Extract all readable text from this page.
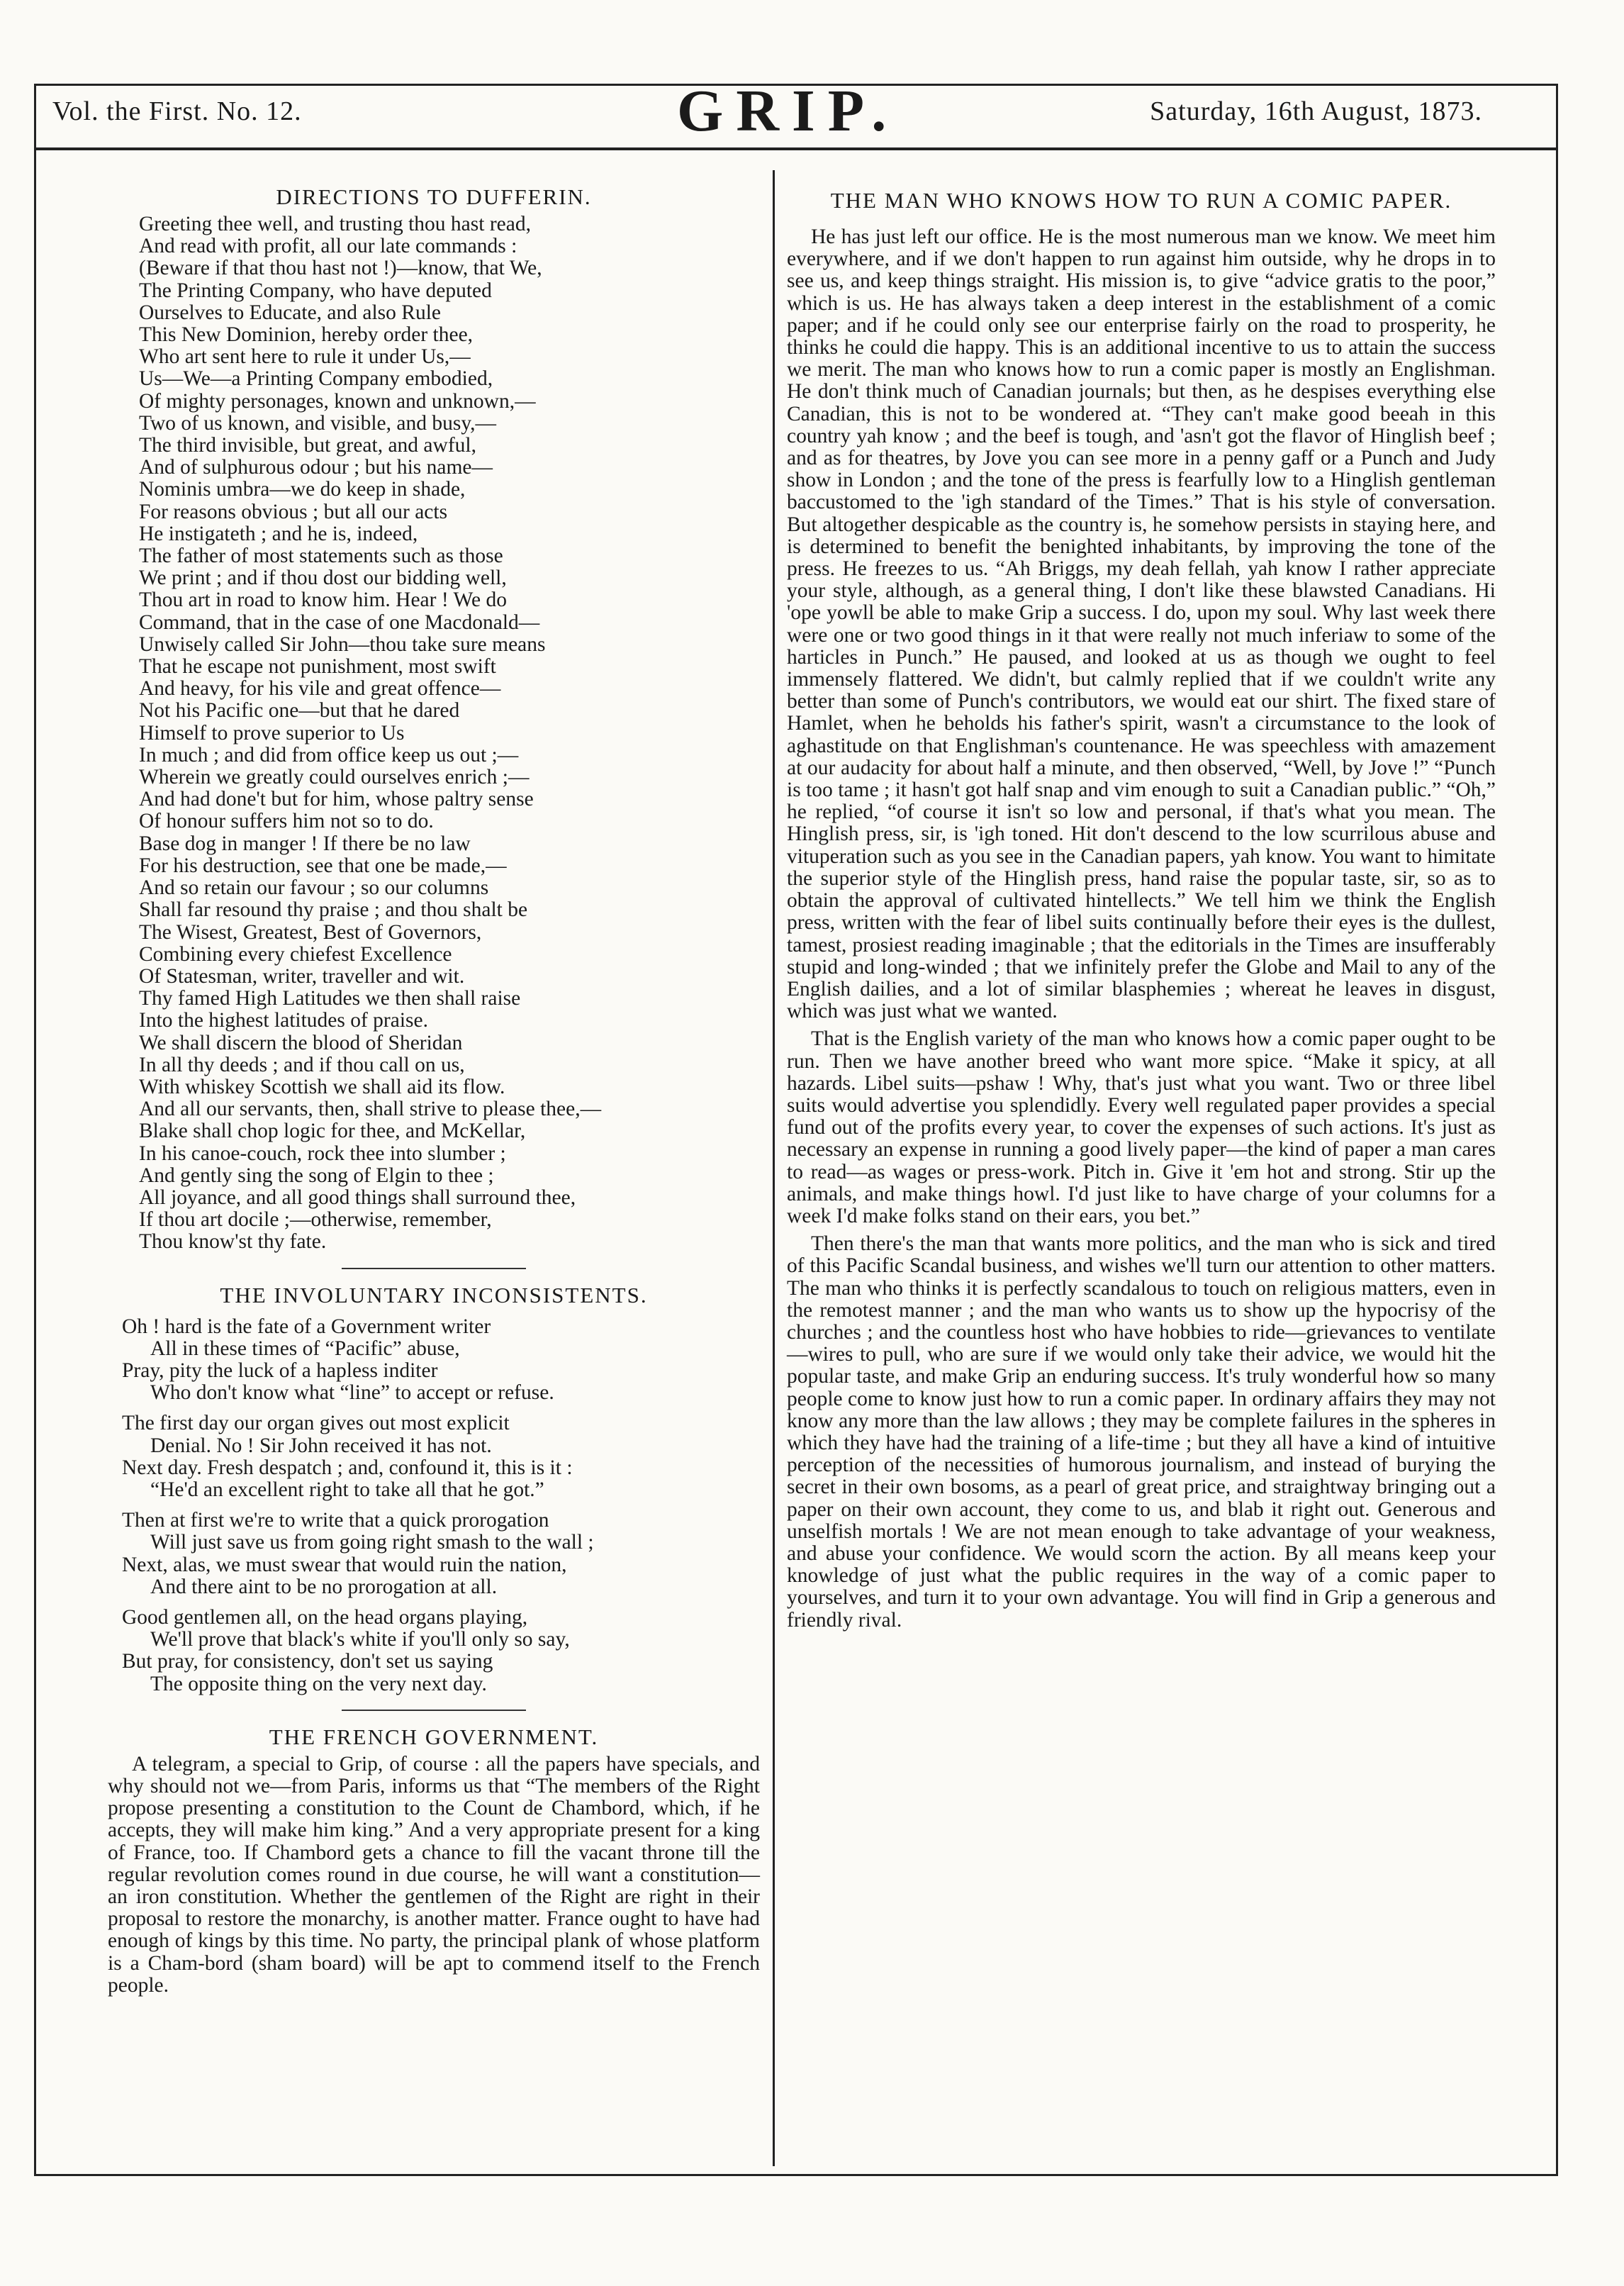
Vol. the First. No. 12.	GRIP.	Saturday, 16th August, 1873.
DIRECTIONS TO DUFFERIN.

Greeting thee well, and trusting thou hast read,

And read with profit, all our late commands :

(Beware if that thou hast not !)—know, that We,

The Printing Company, who have deputed

Ourselves to Educate, and also Rule

This New Dominion, hereby order thee,

Who art sent here to rule it under Us,—

Us—We—a Printing Company embodied,

Of mighty personages, known and unknown,—

Two of us known, and visible, and busy,—

The third invisible, but great, and awful,

And of sulphurous odour ; but his name—

Nominis umbra—we do keep in shade,

For reasons obvious ; but all our acts

He instigateth ; and he is, indeed,

The father of most statements such as those

We print ; and if thou dost our bidding well,

Thou art in road to know him. Hear ! We do

Command, that in the case of one Macdonald—

Unwisely called Sir John—thou take sure means

That he escape not punishment, most swift

And heavy, for his vile and great offence—

Not his Pacific one—but that he dared

Himself to prove superior to Us

In much ; and did from office keep us out ;—

Wherein we greatly could ourselves enrich ;—

And had done't but for him, whose paltry sense

Of honour suffers him not so to do.

Base dog in manger ! If there be no law

For his destruction, see that one be made,—

And so retain our favour ; so our columns

Shall far resound thy praise ; and thou shalt be

The Wisest, Greatest, Best of Governors,

Combining every chiefest Excellence

Of Statesman, writer, traveller and wit.

Thy famed High Latitudes we then shall raise

Into the highest latitudes of praise.

We shall discern the blood of Sheridan

In all thy deeds ; and if thou call on us,

With whiskey Scottish we shall aid its flow.

And all our servants, then, shall strive to please thee,—

Blake shall chop logic for thee, and McKellar,

In his canoe-couch, rock thee into slumber ;

And gently sing the song of Elgin to thee ;

All joyance, and all good things shall surround thee,

If thou art docile ;—otherwise, remember,

Thou know'st thy fate.

THE INVOLUNTARY INCONSISTENTS.

Oh ! hard is the fate of a Government writer

All in these times of “Pacific” abuse,

Pray, pity the luck of a hapless inditer

Who don't know what “line” to accept or refuse.

The first day our organ gives out most explicit

Denial. No ! Sir John received it has not.

Next day. Fresh despatch ; and, confound it, this is it :

“He'd an excellent right to take all that he got.”

Then at first we're to write that a quick prorogation

Will just save us from going right smash to the wall ;

Next, alas, we must swear that would ruin the nation,

And there aint to be no prorogation at all.

Good gentlemen all, on the head organs playing,

We'll prove that black's white if you'll only so say,

But pray, for consistency, don't set us saying

The opposite thing on the very next day.

THE FRENCH GOVERNMENT.

A telegram, a special to Grip, of course : all the papers have specials, and why should not we—from Paris, informs us that “The members of the Right propose presenting a constitution to the Count de Chambord, which, if he accepts, they will make him king.” And a very appropriate present for a king of France, too. If Chambord gets a chance to fill the vacant throne till the regular revolution comes round in due course, he will want a constitution—an iron constitution. Whether the gentlemen of the Right are right in their proposal to restore the monarchy, is another matter. France ought to have had enough of kings by this time. No party, the principal plank of whose platform is a Cham-bord (sham board) will be apt to commend itself to the French people.

THE MAN WHO KNOWS HOW TO RUN A COMIC PAPER.

He has just left our office. He is the most numerous man we know. We meet him everywhere, and if we don't happen to run against him outside, why he drops in to see us, and keep things straight. His mission is, to give “advice gratis to the poor,” which is us. He has always taken a deep interest in the establishment of a comic paper; and if he could only see our enterprise fairly on the road to prosperity, he thinks he could die happy. This is an additional incentive to us to attain the success we merit. The man who knows how to run a comic paper is mostly an Englishman. He don't think much of Canadian journals; but then, as he despises everything else Canadian, this is not to be wondered at. “They can't make good beeah in this country yah know ; and the beef is tough, and 'asn't got the flavor of Hinglish beef ; and as for theatres, by Jove you can see more in a penny gaff or a Punch and Judy show in London ; and the tone of the press is fearfully low to a Hinglish gentleman baccustomed to the 'igh standard of the Times.” That is his style of conversation. But altogether despicable as the country is, he somehow persists in staying here, and is determined to benefit the benighted inhabitants, by improving the tone of the press. He freezes to us. “Ah Briggs, my deah fellah, yah know I rather appreciate your style, although, as a general thing, I don't like these blawsted Canadians. Hi 'ope yowll be able to make Grip a success. I do, upon my soul. Why last week there were one or two good things in it that were really not much inferiaw to some of the harticles in Punch.” He paused, and looked at us as though we ought to feel immensely flattered. We didn't, but calmly replied that if we couldn't write any better than some of Punch's contributors, we would eat our shirt. The fixed stare of Hamlet, when he beholds his father's spirit, wasn't a circumstance to the look of aghastitude on that Englishman's countenance. He was speechless with amazement at our audacity for about half a minute, and then observed, “Well, by Jove !” “Punch is too tame ; it hasn't got half snap and vim enough to suit a Canadian public.” “Oh,” he replied, “of course it isn't so low and personal, if that's what you mean. The Hinglish press, sir, is 'igh toned. Hit don't descend to the low scurrilous abuse and vituperation such as you see in the Canadian papers, yah know. You want to himitate the superior style of the Hinglish press, hand raise the popular taste, sir, so as to obtain the approval of cultivated hintellects.” We tell him we think the English press, written with the fear of libel suits continually before their eyes is the dullest, tamest, prosiest reading imaginable ; that the editorials in the Times are insufferably stupid and long-winded ; that we infinitely prefer the Globe and Mail to any of the English dailies, and a lot of similar blasphemies ; whereat he leaves in disgust, which was just what we wanted.

That is the English variety of the man who knows how a comic paper ought to be run. Then we have another breed who want more spice. “Make it spicy, at all hazards. Libel suits—pshaw ! Why, that's just what you want. Two or three libel suits would advertise you splendidly. Every well regulated paper provides a special fund out of the profits every year, to cover the expenses of such actions. It's just as necessary an expense in running a good lively paper—the kind of paper a man cares to read—as wages or press-work. Pitch in. Give it 'em hot and strong. Stir up the animals, and make things howl. I'd just like to have charge of your columns for a week I'd make folks stand on their ears, you bet.”

Then there's the man that wants more politics, and the man who is sick and tired of this Pacific Scandal business, and wishes we'll turn our attention to other matters. The man who thinks it is perfectly scandalous to touch on religious matters, even in the remotest manner ; and the man who wants us to show up the hypocrisy of the churches ; and the countless host who have hobbies to ride—grievances to ventilate—wires to pull, who are sure if we would only take their advice, we would hit the popular taste, and make Grip an enduring success. It's truly wonderful how so many people come to know just how to run a comic paper. In ordinary affairs they may not know any more than the law allows ; they may be complete failures in the spheres in which they have had the training of a life-time ; but they all have a kind of intuitive perception of the necessities of humorous journalism, and instead of burying the secret in their own bosoms, as a pearl of great price, and straightway bringing out a paper on their own account, they come to us, and blab it right out. Generous and unselfish mortals ! We are not mean enough to take advantage of your weakness, and abuse your confidence. We would scorn the action. By all means keep your knowledge of just what the public requires in the way of a comic paper to yourselves, and turn it to your own advantage. You will find in Grip a generous and friendly rival.
